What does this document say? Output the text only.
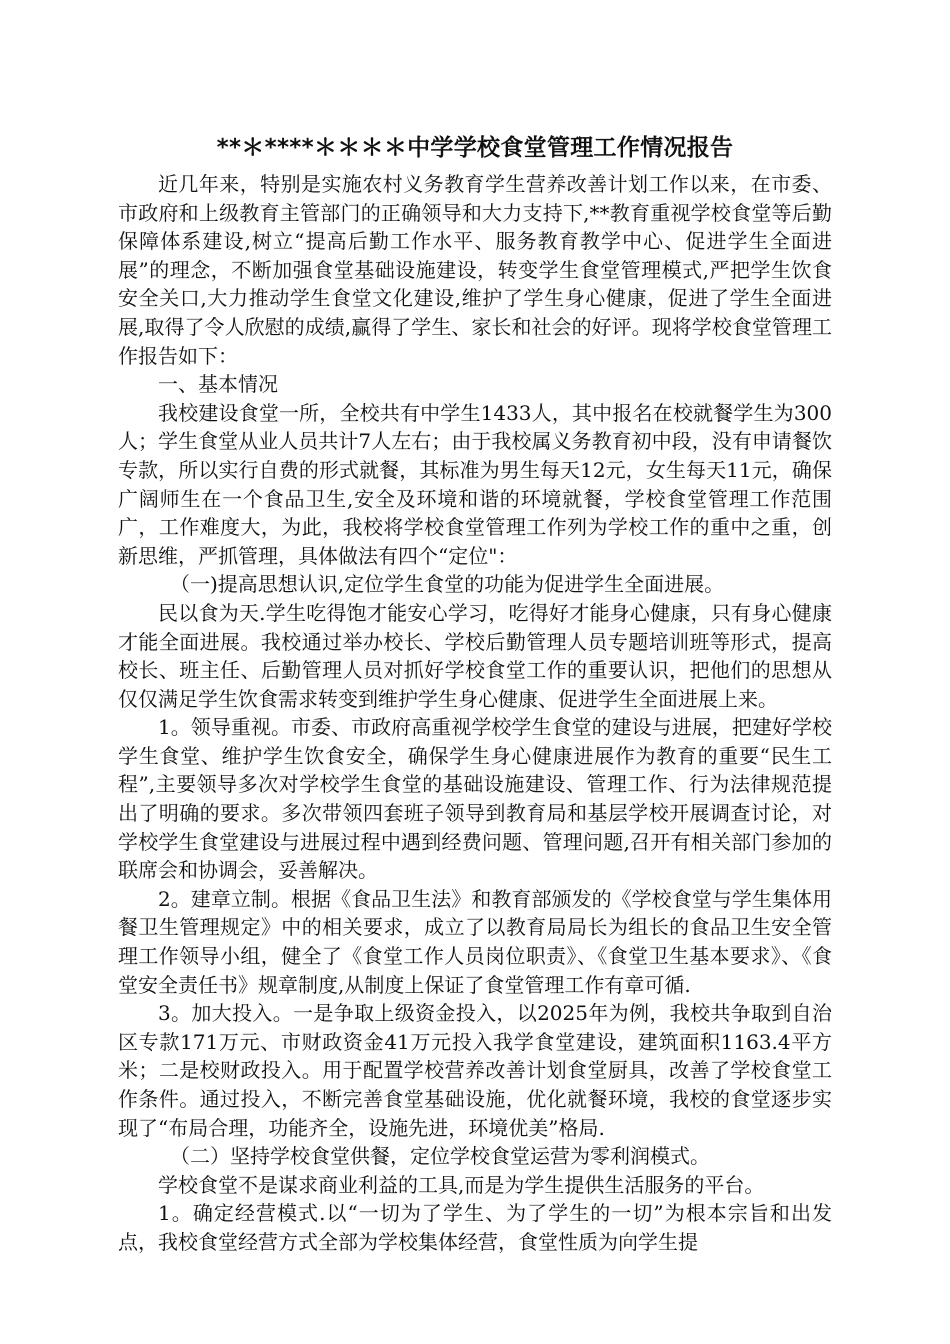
**＊****＊＊＊＊中学学校食堂管理工作情况报告

近几年来，特别是实施农村义务教育学生营养改善计划工作以来，在市委、市政府和上级教育主管部门的正确领导和大力支持下,**教育重视学校食堂等后勤保障体系建设,树立“提高后勤工作水平、服务教育教学中心、促进学生全面进展”的理念，不断加强食堂基础设施建设，转变学生食堂管理模式,严把学生饮食安全关口,大力推动学生食堂文化建设,维护了学生身心健康，促进了学生全面进展,取得了令人欣慰的成绩,赢得了学生、家长和社会的好评。现将学校食堂管理工作报告如下：

一、基本情况

我校建设食堂一所，全校共有中学生1433人，其中报名在校就餐学生为300人；学生食堂从业人员共计7人左右；由于我校属义务教育初中段，没有申请餐饮专款，所以实行自费的形式就餐，其标准为男生每天12元，女生每天11元，确保广阔师生在一个食品卫生,安全及环境和谐的环境就餐，学校食堂管理工作范围广，工作难度大，为此，我校将学校食堂管理工作列为学校工作的重中之重，创新思维，严抓管理，具体做法有四个“定位"：

（一)提高思想认识,定位学生食堂的功能为促进学生全面进展。

民以食为天.学生吃得饱才能安心学习，吃得好才能身心健康，只有身心健康才能全面进展。我校通过举办校长、学校后勤管理人员专题培训班等形式，提高校长、班主任、后勤管理人员对抓好学校食堂工作的重要认识，把他们的思想从仅仅满足学生饮食需求转变到维护学生身心健康、促进学生全面进展上来。

1。领导重视。市委、市政府高重视学校学生食堂的建设与进展，把建好学校学生食堂、维护学生饮食安全，确保学生身心健康进展作为教育的重要“民生工程”,主要领导多次对学校学生食堂的基础设施建设、管理工作、行为法律规范提出了明确的要求。多次带领四套班子领导到教育局和基层学校开展调查讨论，对学校学生食堂建设与进展过程中遇到经费问题、管理问题,召开有相关部门参加的联席会和协调会，妥善解决。

2。建章立制。根据《食品卫生法》和教育部颁发的《学校食堂与学生集体用餐卫生管理规定》中的相关要求，成立了以教育局局长为组长的食品卫生安全管理工作领导小组，健全了《食堂工作人员岗位职责》、《食堂卫生基本要求》、《食堂安全责任书》规章制度,从制度上保证了食堂管理工作有章可循.

3。加大投入。一是争取上级资金投入，以2025年为例，我校共争取到自治区专款171万元、市财政资金41万元投入我学食堂建设，建筑面积1163.4平方米；二是校财政投入。用于配置学校营养改善计划食堂厨具，改善了学校食堂工作条件。通过投入，不断完善食堂基础设施，优化就餐环境，我校的食堂逐步实现了“布局合理，功能齐全，设施先进，环境优美”格局.

（二）坚持学校食堂供餐，定位学校食堂运营为零利润模式。

学校食堂不是谋求商业利益的工具,而是为学生提供生活服务的平台。

1。确定经营模式.以“一切为了学生、为了学生的一切”为根本宗旨和出发点，我校食堂经营方式全部为学校集体经营，食堂性质为向学生提
